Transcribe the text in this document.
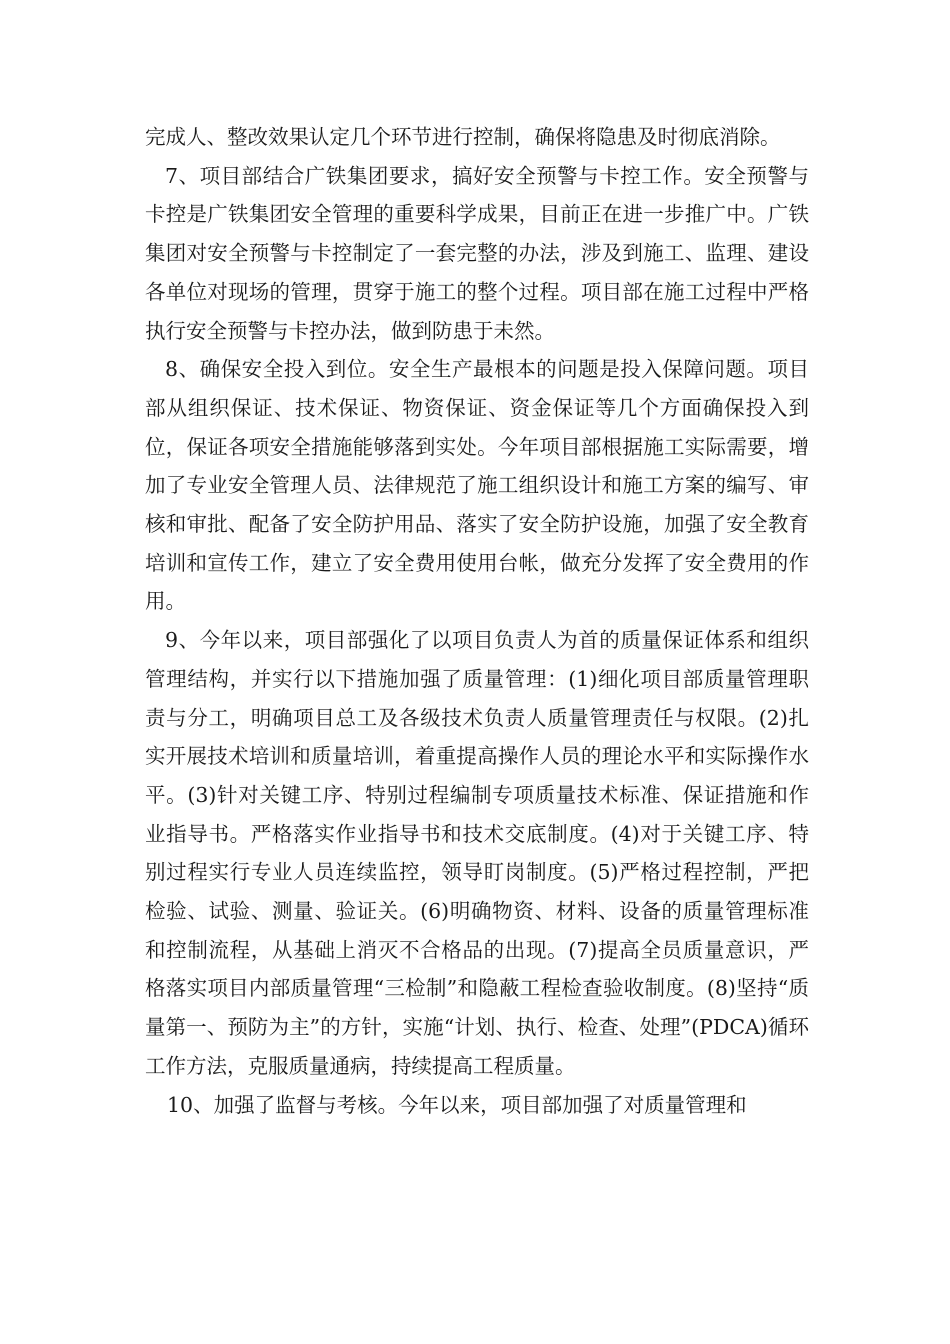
完成人、整改效果认定几个环节进行控制，确保将隐患及时彻底消除。

7、项目部结合广铁集团要求，搞好安全预警与卡控工作。安全预警与卡控是广铁集团安全管理的重要科学成果，目前正在进一步推广中。广铁集团对安全预警与卡控制定了一套完整的办法，涉及到施工、监理、建设各单位对现场的管理，贯穿于施工的整个过程。项目部在施工过程中严格执行安全预警与卡控办法，做到防患于未然。

8、确保安全投入到位。安全生产最根本的问题是投入保障问题。项目部从组织保证、技术保证、物资保证、资金保证等几个方面确保投入到位，保证各项安全措施能够落到实处。今年项目部根据施工实际需要，增加了专业安全管理人员、法律规范了施工组织设计和施工方案的编写、审核和审批、配备了安全防护用品、落实了安全防护设施，加强了安全教育培训和宣传工作，建立了安全费用使用台帐，做充分发挥了安全费用的作用。

9、今年以来，项目部强化了以项目负责人为首的质量保证体系和组织管理结构，并实行以下措施加强了质量管理：(1)细化项目部质量管理职责与分工，明确项目总工及各级技术负责人质量管理责任与权限。(2)扎实开展技术培训和质量培训，着重提高操作人员的理论水平和实际操作水平。(3)针对关键工序、特别过程编制专项质量技术标准、保证措施和作业指导书。严格落实作业指导书和技术交底制度。(4)对于关键工序、特别过程实行专业人员连续监控，领导盯岗制度。(5)严格过程控制，严把检验、试验、测量、验证关。(6)明确物资、材料、设备的质量管理标准和控制流程，从基础上消灭不合格品的出现。(7)提高全员质量意识，严格落实项目内部质量管理“三检制”和隐蔽工程检查验收制度。(8)坚持“质量第一、预防为主”的方针，实施“计划、执行、检查、处理”(PDCA)循环工作方法，克服质量通病，持续提高工程质量。

10、加强了监督与考核。今年以来，项目部加强了对质量管理和
